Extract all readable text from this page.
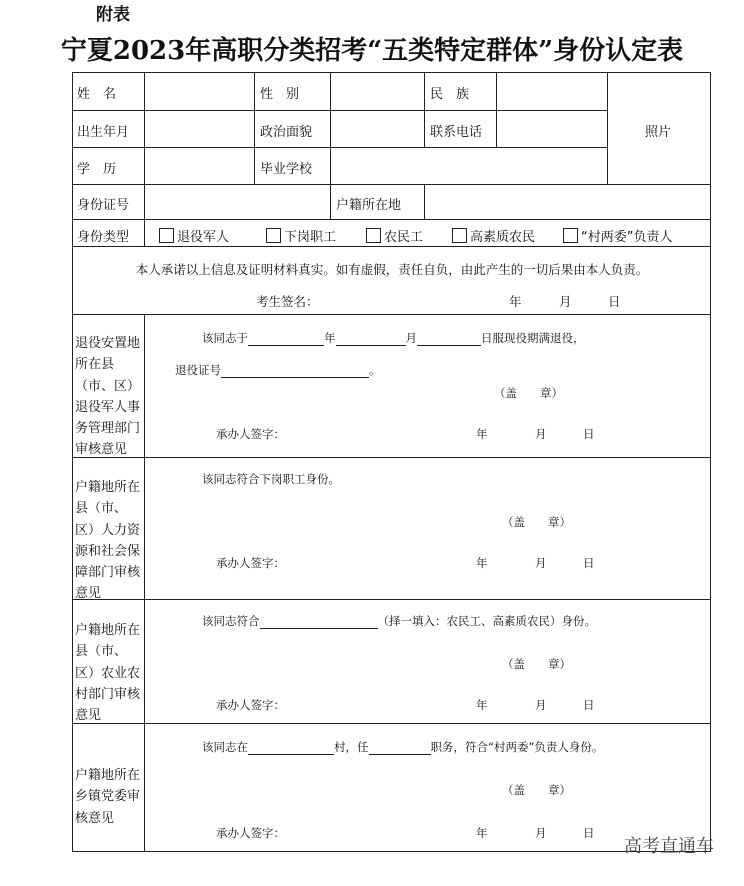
附表
宁夏2023年高职分类招考“五类特定群体”身份认定表
姓　名	性　别	民　族
照片
出生年月	政治面貌	联系电话
学　历	毕业学校
身份证号	户籍所在地
身份类型	退役军人	下岗职工	农民工	高素质农民	“村两委”负责人
本人承诺以上信息及证明材料真实。如有虚假，责任自负，由此产生的一切后果由本人负责。
考生签名：	年	月	日
退役安置地所在县（市、区）退役军人事务管理部门审核意见
该同志于	年	月	日服现役期满退役，
退役证号	。
（盖　　章）
承办人签字：	年	月	日
户籍地所在县（市、区）人力资源和社会保障部门审核意见
该同志符合下岗职工身份。
（盖　　章）
承办人签字：	年	月	日
户籍地所在县（市、区）农业农村部门审核意见
该同志符合	（择一填入：农民工、高素质农民）身份。
（盖　　章）
承办人签字：	年	月	日
户籍地所在乡镇党委审核意见
该同志在	村，任	职务，符合“村两委”负责人身份。
（盖　　章）
承办人签字：	年	月	日
高考直通车
